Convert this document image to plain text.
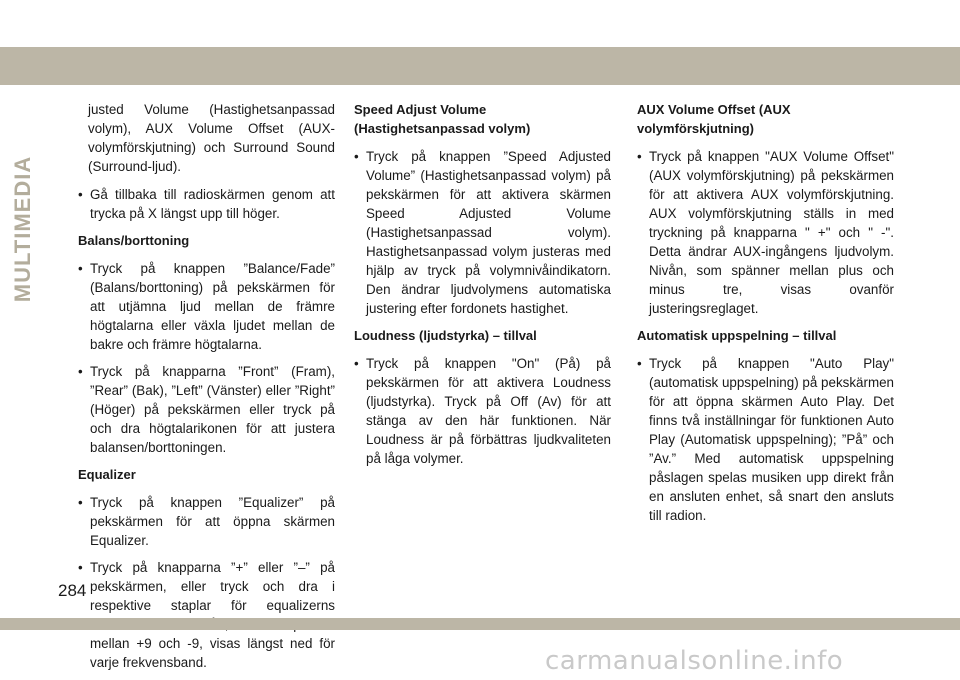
MULTIMEDIA

justed Volume (Hastighetsanpassad volym), AUX Volume Offset (AUX-volymförskjutning) och Surround Sound (Surround-ljud).

• Gå tillbaka till radioskärmen genom att trycka på X längst upp till höger.

Balans/borttoning

• Tryck på knappen ”Balance/Fade” (Balans/borttoning) på pekskärmen för att utjämna ljud mellan de främre högtalarna eller växla ljudet mellan de bakre och främre högtalarna.
• Tryck på knapparna ”Front” (Fram), ”Rear” (Bak), ”Left” (Vänster) eller ”Right” (Höger) på pekskärmen eller tryck på och dra högtalarikonen för att justera balansen/borttoningen.

Equalizer

• Tryck på knappen ”Equalizer” på pekskärmen för att öppna skärmen Equalizer.
• Tryck på knapparna ”+” eller ”–” på pekskärmen, eller tryck och dra i respektive staplar för equalizerns mellan +9 och -9, visas längst ned för varje frekvensband.

Speed Adjust Volume (Hastighetsanpassad volym)

• Tryck på knappen ”Speed Adjusted Volume” (Hastighetsanpassad volym) på pekskärmen för att aktivera skärmen Speed Adjusted Volume (Hastighetsanpassad volym). Hastighetsanpassad volym justeras med hjälp av tryck på volymnivåindikatorn. Den ändrar ljudvolymens automatiska justering efter fordonets hastighet.

Loudness (ljudstyrka) – tillval

• Tryck på knappen "On" (På) på pekskärmen för att aktivera Loudness (ljudstyrka). Tryck på Off (Av) för att stänga av den här funktionen. När Loudness är på förbättras ljudkvaliteten på låga volymer.

AUX Volume Offset (AUX volymförskjutning)

• Tryck på knappen "AUX Volume Offset" (AUX volymförskjutning) på pekskärmen för att aktivera AUX volymförskjutning. AUX volymförskjutning ställs in med tryckning på knapparna " +" och " -". Detta ändrar AUX-ingångens ljudvolym. Nivån, som spänner mellan plus och minus tre, visas ovanför justeringsreglaget.

Automatisk uppspelning – tillval

• Tryck på knappen "Auto Play" (automatisk uppspelning) på pekskärmen för att öppna skärmen Auto Play. Det finns två inställningar för funktionen Auto Play (Automatisk uppspelning); ”På” och ”Av.” Med automatisk uppspelning påslagen spelas musiken upp direkt från en ansluten enhet, så snart den ansluts till radion.
284
carmanualsonline.info
